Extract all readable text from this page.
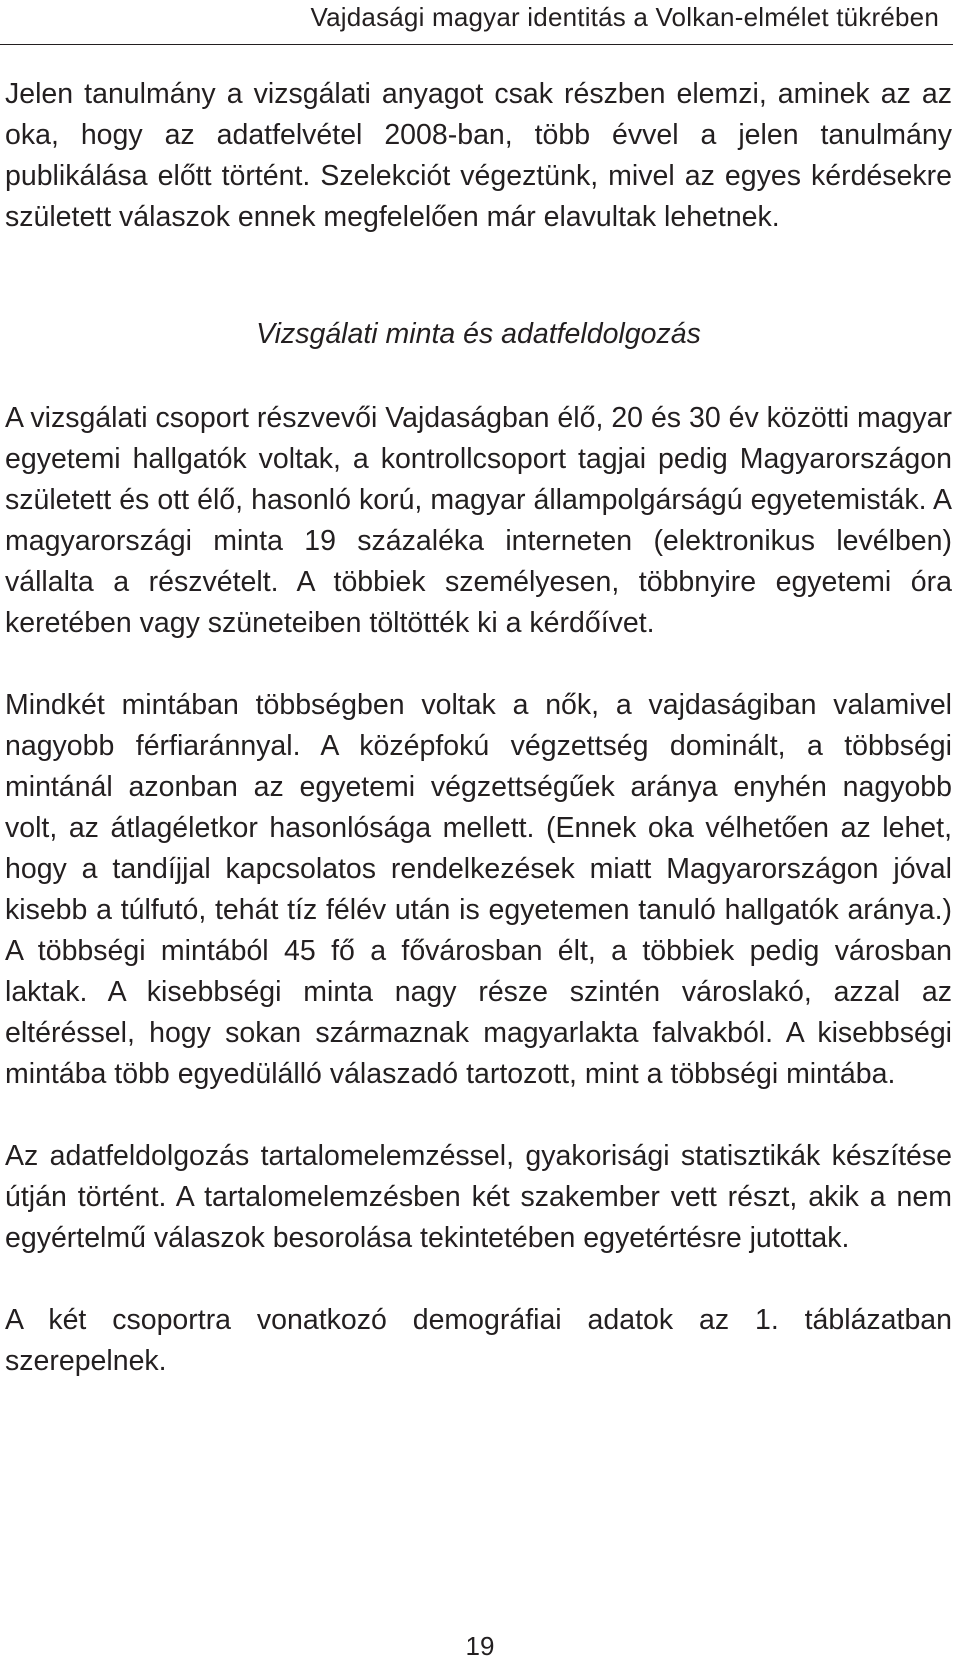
Vajdasági magyar identitás a Volkan-elmélet tükrében

Jelen tanulmány a vizsgálati anyagot csak részben elemzi, aminek az az oka, hogy az adatfelvétel 2008-ban, több évvel a jelen tanulmány publikálása előtt történt. Szelekciót végeztünk, mivel az egyes kérdésekre született válaszok ennek megfelelően már elavultak lehetnek.

Vizsgálati minta és adatfeldolgozás

A vizsgálati csoport részvevői Vajdaságban élő, 20 és 30 év közötti magyar egyetemi hallgatók voltak, a kontrollcsoport tagjai pedig Magyarországon született és ott élő, hasonló korú, magyar állampolgárságú egyetemisták. A magyarországi minta 19 százaléka interneten (elektronikus levélben) vállalta a részvételt. A többiek személyesen, többnyire egyetemi óra keretében vagy szüneteiben töltötték ki a kérdőívet.

Mindkét mintában többségben voltak a nők, a vajdaságiban valamivel nagyobb férfiaránnyal. A középfokú végzettség dominált, a többségi mintánál azonban az egyetemi végzettségűek aránya enyhén nagyobb volt, az átlagéletkor hasonlósága mellett. (Ennek oka vélhetően az lehet, hogy a tandíjjal kapcsolatos rendelkezések miatt Magyarországon jóval kisebb a túlfutó, tehát tíz félév után is egyetemen tanuló hallgatók aránya.) A többségi mintából 45 fő a fővárosban élt, a többiek pedig városban laktak. A kisebbségi minta nagy része szintén városlakó, azzal az eltéréssel, hogy sokan származnak magyarlakta falvakból. A kisebbségi mintába több egyedülálló válaszadó tartozott, mint a többségi mintába.

Az adatfeldolgozás tartalomelemzéssel, gyakorisági statisztikák készítése útján történt. A tartalomelemzésben két szakember vett részt, akik a nem egyértelmű válaszok besorolása tekintetében egyetértésre jutottak.

A két csoportra vonatkozó demográfiai adatok az 1. táblázatban szerepelnek.

19
